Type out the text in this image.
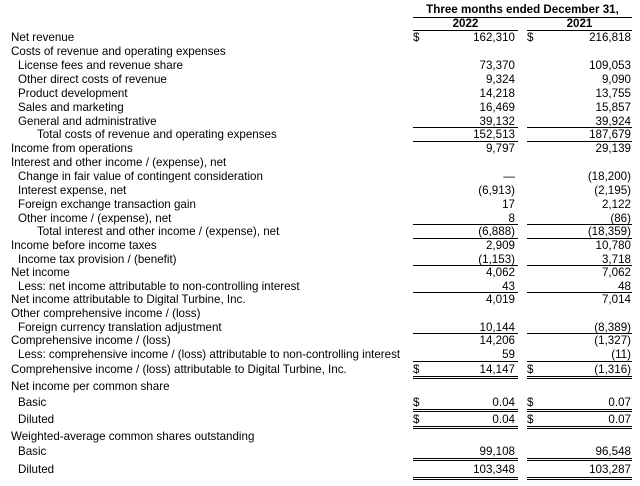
Three months ended December 31,
2022	2021
Net revenue	$	162,310 $	216,818
Costs of revenue and operating expenses
License fees and revenue share	73,370	109,053
Other direct costs of revenue	9,324	9,090
Product development	14,218	13,755
Sales and marketing	16,469	15,857
General and administrative	39,132	39,924
Total costs of revenue and operating expenses	152,513	187,679
Income from operations	9,797	29,139
Interest and other income / (expense), net
Change in fair value of contingent consideration	—	(18,200)
Interest expense, net	(6,913)	(2,195)
Foreign exchange transaction gain	17	2,122
Other income / (expense), net	8	(86)
Total interest and other income / (expense), net	(6,888)	(18,359)
Income before income taxes	2,909	10,780
Income tax provision / (benefit)	(1,153)	3,718
Net income	4,062	7,062
Less: net income attributable to non-controlling interest	43	48
Net income attributable to Digital Turbine, Inc.	4,019	7,014
Other comprehensive income / (loss)
Foreign currency translation adjustment	10,144	(8,389)
Comprehensive income / (loss)	14,206	(1,327)
Less: comprehensive income / (loss) attributable to non-controlling interest	59	(11)
Comprehensive income / (loss) attributable to Digital Turbine, Inc.	$	14,147 $	(1,316)
Net income per common share
Basic	$	0.04 $	0.07
Diluted	$	0.04 $	0.07
Weighted-average common shares outstanding
Basic	99,108	96,548
Diluted	103,348	103,287
